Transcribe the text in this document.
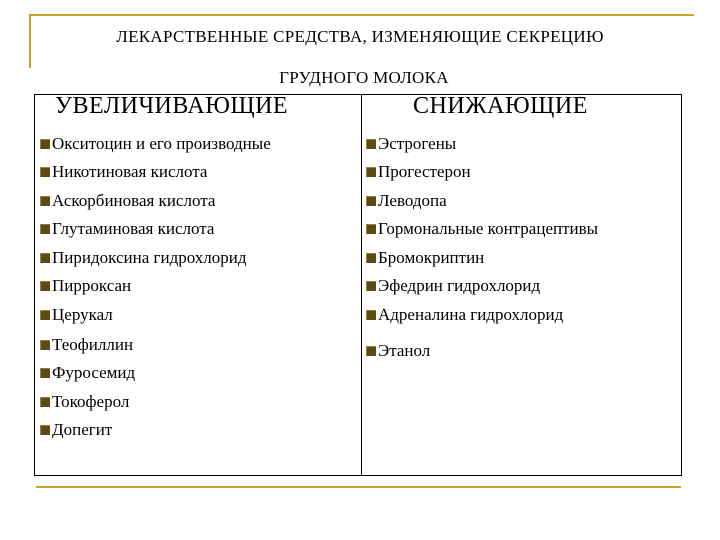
ЛЕКАРСТВЕННЫЕ СРЕДСТВА, ИЗМЕНЯЮЩИЕ СЕКРЕЦИЮ
ГРУДНОГО МОЛОКА
УВЕЛИЧИВАЮЩИЕ	СНИЖАЮЩИЕ
Окситоцин и его производные
Никотиновая кислота
Аскорбиновая кислота
Глутаминовая кислота
Пиридоксина гидрохлорид
Пирроксан
Церукал
Теофиллин
Фуросемид
Токоферол
Допегит
Эстрогены
Прогестерон
Леводопа
Гормональные контрацептивы
Бромокриптин
Эфедрин гидрохлорид
Адреналина гидрохлорид
Этанол
